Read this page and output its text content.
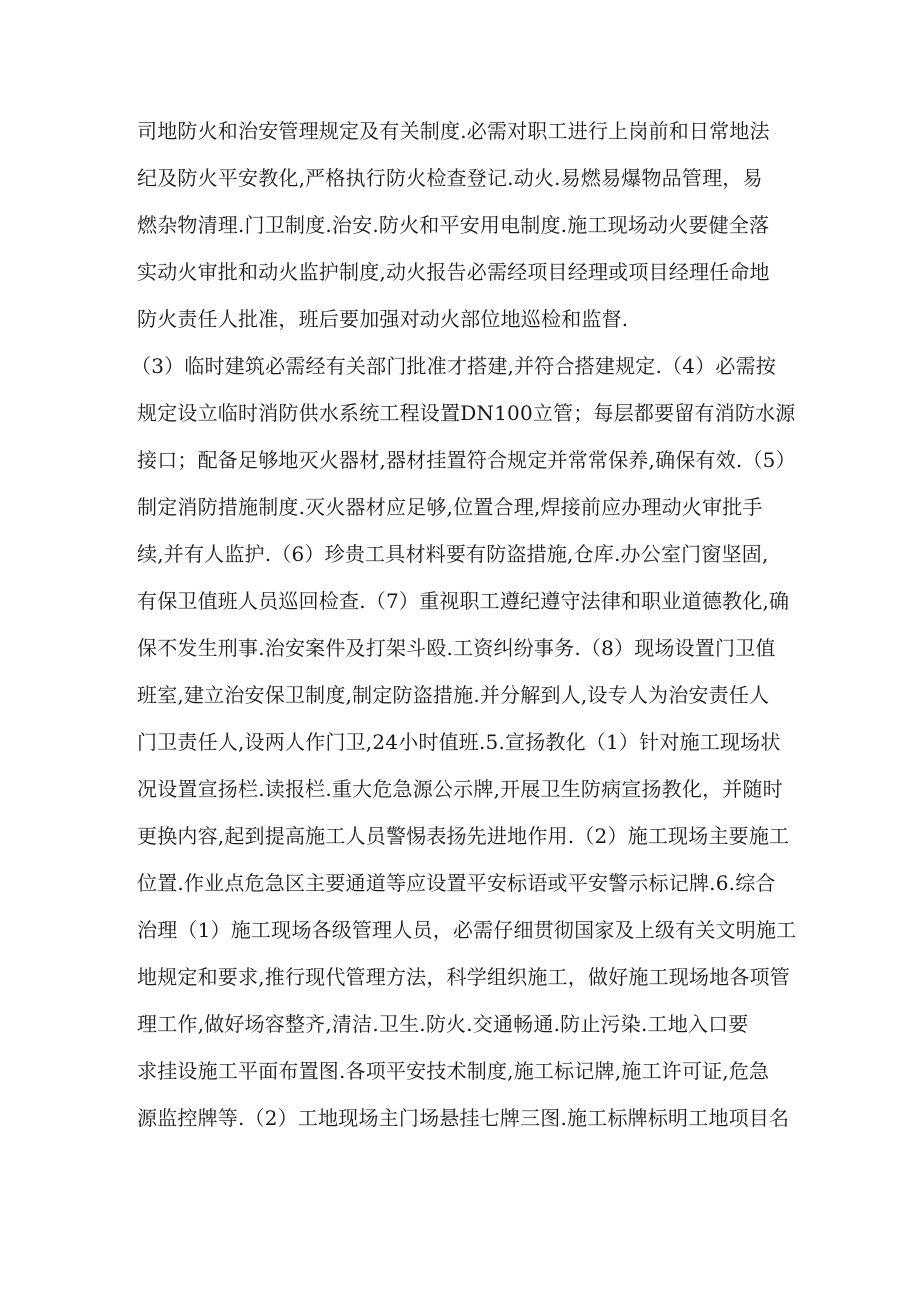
司地防火和治安管理规定及有关制度.必需对职工进行上岗前和日常地法

纪及防火平安教化,严格执行防火检查登记.动火.易燃易爆物品管理，易

燃杂物清理.门卫制度.治安.防火和平安用电制度.施工现场动火要健全落

实动火审批和动火监护制度,动火报告必需经项目经理或项目经理任命地

防火责任人批准，班后要加强对动火部位地巡检和监督.

（3）临时建筑必需经有关部门批准才搭建,并符合搭建规定.（4）必需按

规定设立临时消防供水系统工程设置DN100立管；每层都要留有消防水源

接口；配备足够地灭火器材,器材挂置符合规定并常常保养,确保有效.（5）

制定消防措施制度.灭火器材应足够,位置合理,焊接前应办理动火审批手

续,并有人监护.（6）珍贵工具材料要有防盗措施,仓库.办公室门窗坚固,

有保卫值班人员巡回检查.（7）重视职工遵纪遵守法律和职业道德教化,确

保不发生刑事.治安案件及打架斗殴.工资纠纷事务.（8）现场设置门卫值

班室,建立治安保卫制度,制定防盗措施.并分解到人,设专人为治安责任人

门卫责任人,设两人作门卫,24小时值班.5.宣扬教化（1）针对施工现场状

况设置宣扬栏.读报栏.重大危急源公示牌,开展卫生防病宣扬教化，并随时

更换内容,起到提高施工人员警惕表扬先进地作用.（2）施工现场主要施工

位置.作业点危急区主要通道等应设置平安标语或平安警示标记牌.6.综合

治理（1）施工现场各级管理人员，必需仔细贯彻国家及上级有关文明施工

地规定和要求,推行现代管理方法，科学组织施工，做好施工现场地各项管

理工作,做好场容整齐,清洁.卫生.防火.交通畅通.防止污染.工地入口要

求挂设施工平面布置图.各项平安技术制度,施工标记牌,施工许可证,危急

源监控牌等.（2）工地现场主门场悬挂七牌三图.施工标牌标明工地项目名
